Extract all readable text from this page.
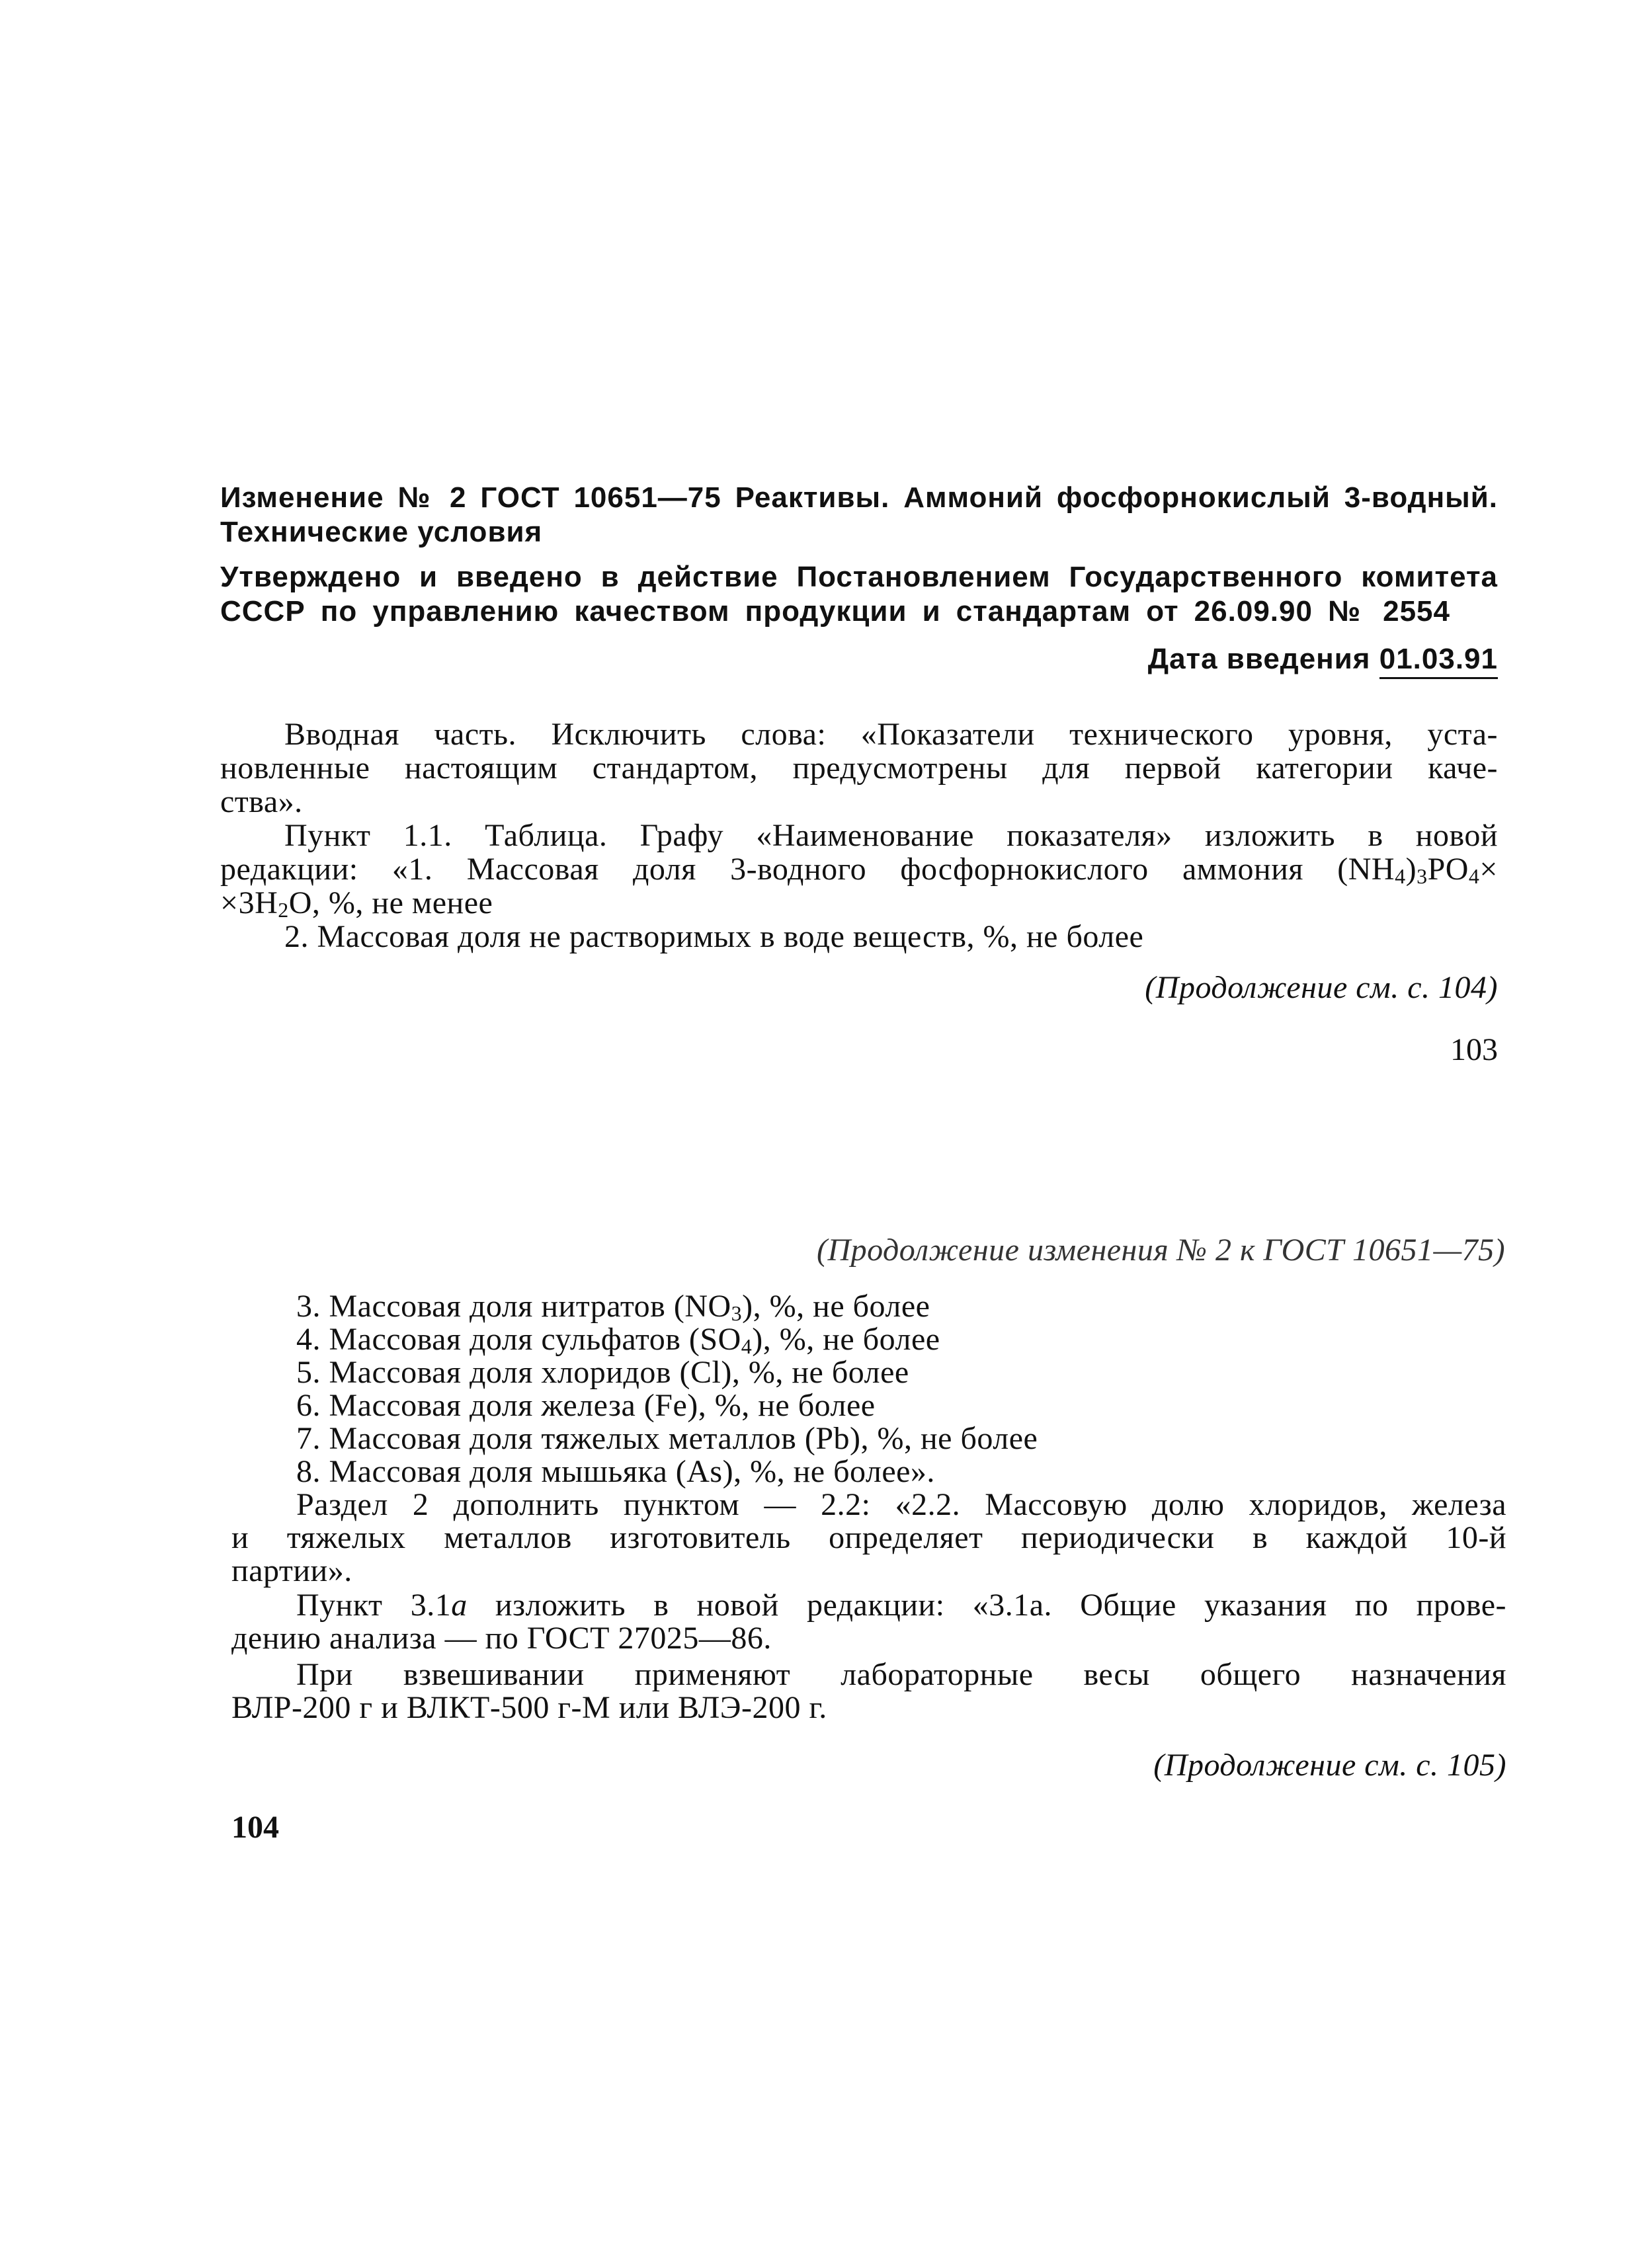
Изменение № 2 ГОСТ 10651—75 Реактивы. Аммоний фосфорнокислый 3-водный.
Технические условия
Утверждено и введено в действие Постановлением Государственного комитета
СССР по управлению качеством продукции и стандартам от 26.09.90 № 2554
Дата введения 01.03.91
Вводная часть. Исключить слова: «Показатели технического уровня, уста-
новленные настоящим стандартом, предусмотрены для первой категории каче-
ства».
Пункт 1.1. Таблица. Графу «Наименование показателя» изложить в новой
редакции: «1. Массовая доля 3-водного фосфорнокислого аммония $(NH_4)_3PO_4\times$
$\times 3H_2O$, %, не менее
2. Массовая доля не растворимых в воде веществ, %, не более
(Продолжение см. с. 104)
103
(Продолжение изменения № 2 к ГОСТ 10651—75)
3. Массовая доля нитратов $(NO_3)$, %, не более
4. Массовая доля сульфатов $(SO_4)$, %, не более
5. Массовая доля хлоридов (Cl), %, не более
6. Массовая доля железа (Fe), %, не более
7. Массовая доля тяжелых металлов (Pb), %, не более
8. Массовая доля мышьяка (As), %, не более».
Раздел 2 дополнить пунктом — 2.2: «2.2. Массовую долю хлоридов, железа
и тяжелых металлов изготовитель определяет периодически в каждой 10-й
партии».
Пункт 3.1а изложить в новой редакции: «3.1а. Общие указания по прове-
дению анализа — по ГОСТ 27025—86.
При взвешивании применяют лабораторные весы общего назначения
ВЛР-200 г и ВЛКТ-500 г-М или ВЛЭ-200 г.
(Продолжение см. с. 105)
104
